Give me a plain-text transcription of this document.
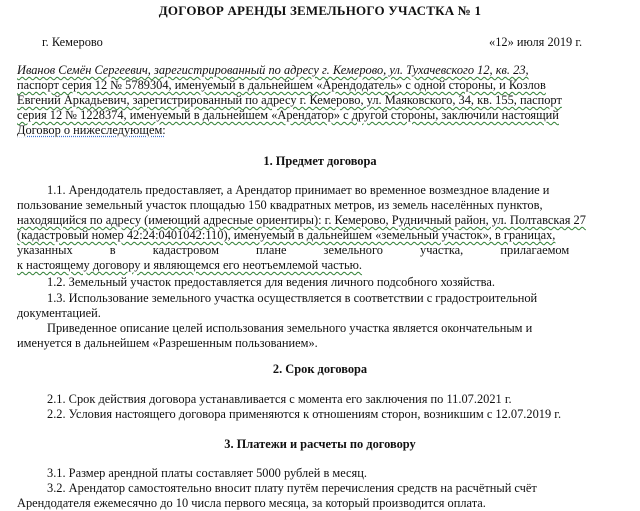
ДОГОВОР АРЕНДЫ ЗЕМЕЛЬНОГО УЧАСТКА № 1
г. Кемерово	«12» июля 2019 г.
Иванов Семён Сергеевич, зарегистрированный по адресу г. Кемерово, ул. Тухачевского 12, кв. 23,
паспорт серия 12 № 5789304, именуемый в дальнейшем «Арендодатель» с одной стороны, и Козлов
Евгений Аркадьевич, зарегистрированный по адресу г. Кемерово, ул. Маяковского, 34, кв. 155, паспорт
серия 12 № 1228374, именуемый в дальнейшем «Арендатор» с другой стороны, заключили настоящий
Договор о нижеследующем:
1. Предмет договора
1.1. Арендодатель предоставляет, а Арендатор принимает во временное возмездное владение и
пользование земельный участок площадью 150 квадратных метров, из земель населённых пунктов,
находящийся по адресу (имеющий адресные ориентиры): г. Кемерово, Рудничный район, ул. Полтавская 27
(кадастровый номер 42:24:0401042:110), именуемый в дальнейшем «земельный участок», в границах,
указанных в кадастровом плане земельного участка, прилагаемом
к настоящему договору и являющемся его неотъемлемой частью.
1.2. Земельный участок предоставляется для ведения личного подсобного хозяйства.
1.3. Использование земельного участка осуществляется в соответствии с градостроительной
документацией.
Приведенное описание целей использования земельного участка является окончательным и
именуется в дальнейшем «Разрешенным пользованием».
2. Срок договора
2.1. Срок действия договора устанавливается с момента его заключения по 11.07.2021 г.
2.2. Условия настоящего договора применяются к отношениям сторон, возникшим с 12.07.2019 г.
3. Платежи и расчеты по договору
3.1. Размер арендной платы составляет 5000 рублей в месяц.
3.2. Арендатор самостоятельно вносит плату путём перечисления средств на расчётный счёт
Арендодателя ежемесячно до 10 числа первого месяца, за который производится оплата.
